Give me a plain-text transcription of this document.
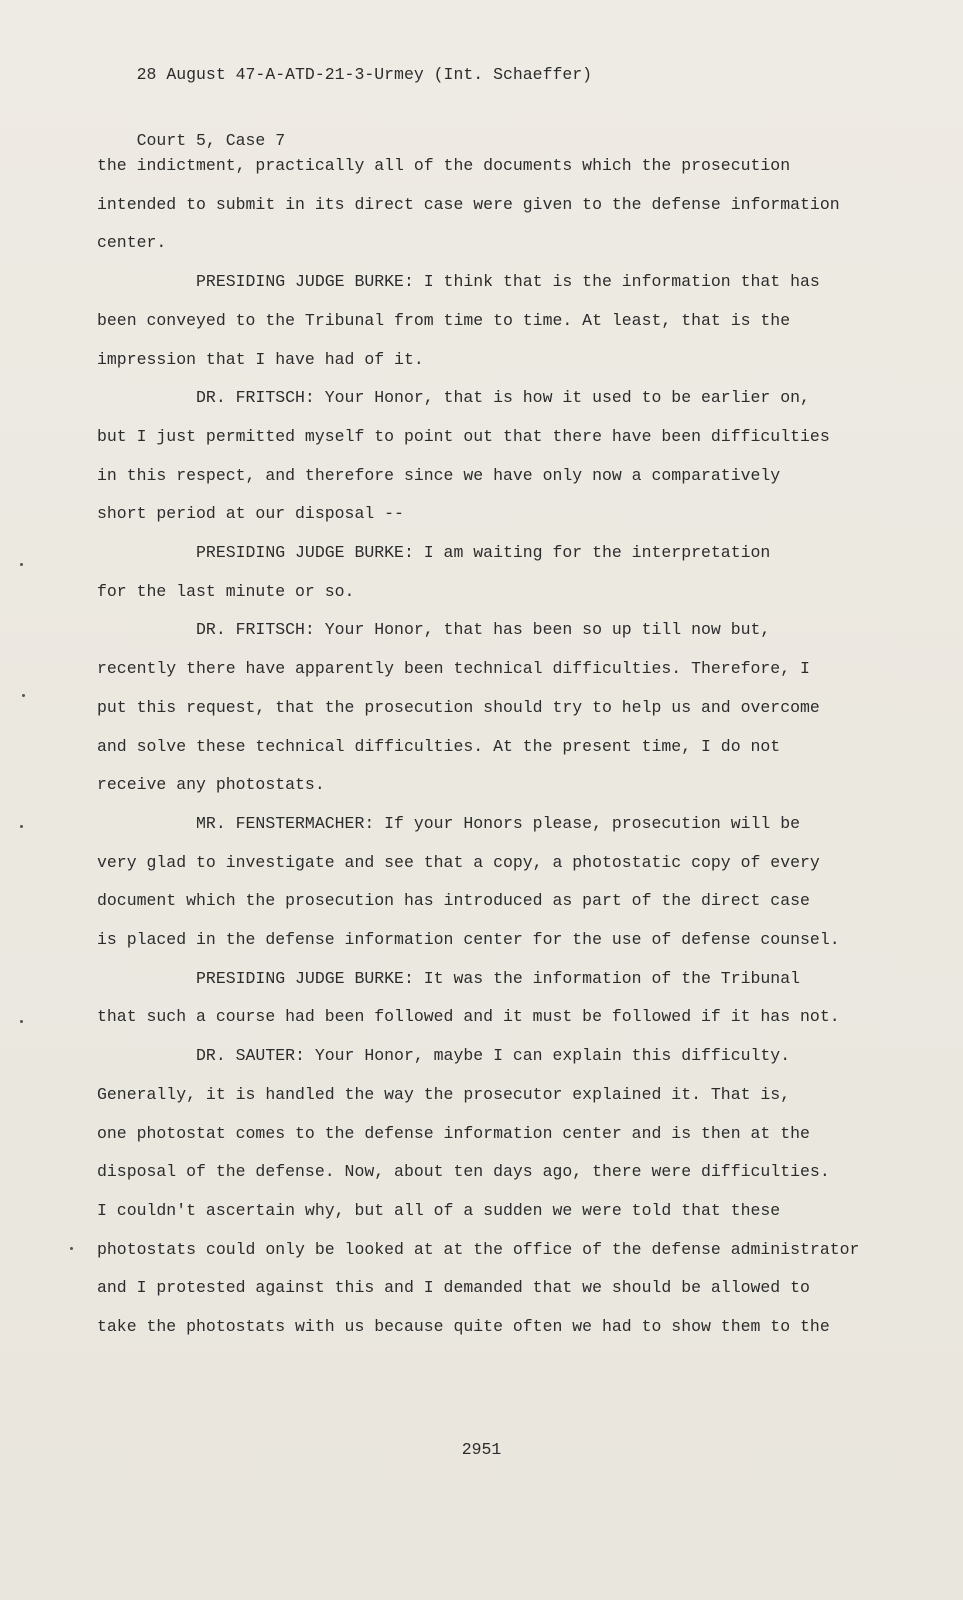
28 August 47-A-ATD-21-3-Urmey (Int. Schaeffer)

Court 5, Case 7

the indictment, practically all of the documents which the prosecution
intended to submit in its direct case were given to the defense information
center.
PRESIDING JUDGE BURKE: I think that is the information that has
been conveyed to the Tribunal from time to time. At least, that is the
impression that I have had of it.
DR. FRITSCH: Your Honor, that is how it used to be earlier on,
but I just permitted myself to point out that there have been difficulties
in this respect, and therefore since we have only now a comparatively
short period at our disposal --
PRESIDING JUDGE BURKE: I am waiting for the interpretation
for the last minute or so.
DR. FRITSCH: Your Honor, that has been so up till now but,
recently there have apparently been technical difficulties. Therefore, I
put this request, that the prosecution should try to help us and overcome
and solve these technical difficulties. At the present time, I do not
receive any photostats.
MR. FENSTERMACHER: If your Honors please, prosecution will be
very glad to investigate and see that a copy, a photostatic copy of every
document which the prosecution has introduced as part of the direct case
is placed in the defense information center for the use of defense counsel.
PRESIDING JUDGE BURKE: It was the information of the Tribunal
that such a course had been followed and it must be followed if it has not.
DR. SAUTER: Your Honor, maybe I can explain this difficulty.
Generally, it is handled the way the prosecutor explained it. That is,
one photostat comes to the defense information center and is then at the
disposal of the defense. Now, about ten days ago, there were difficulties.
I couldn't ascertain why, but all of a sudden we were told that these
photostats could only be looked at at the office of the defense administrator
and I protested against this and I demanded that we should be allowed to
take the photostats with us because quite often we had to show them to the
2951
